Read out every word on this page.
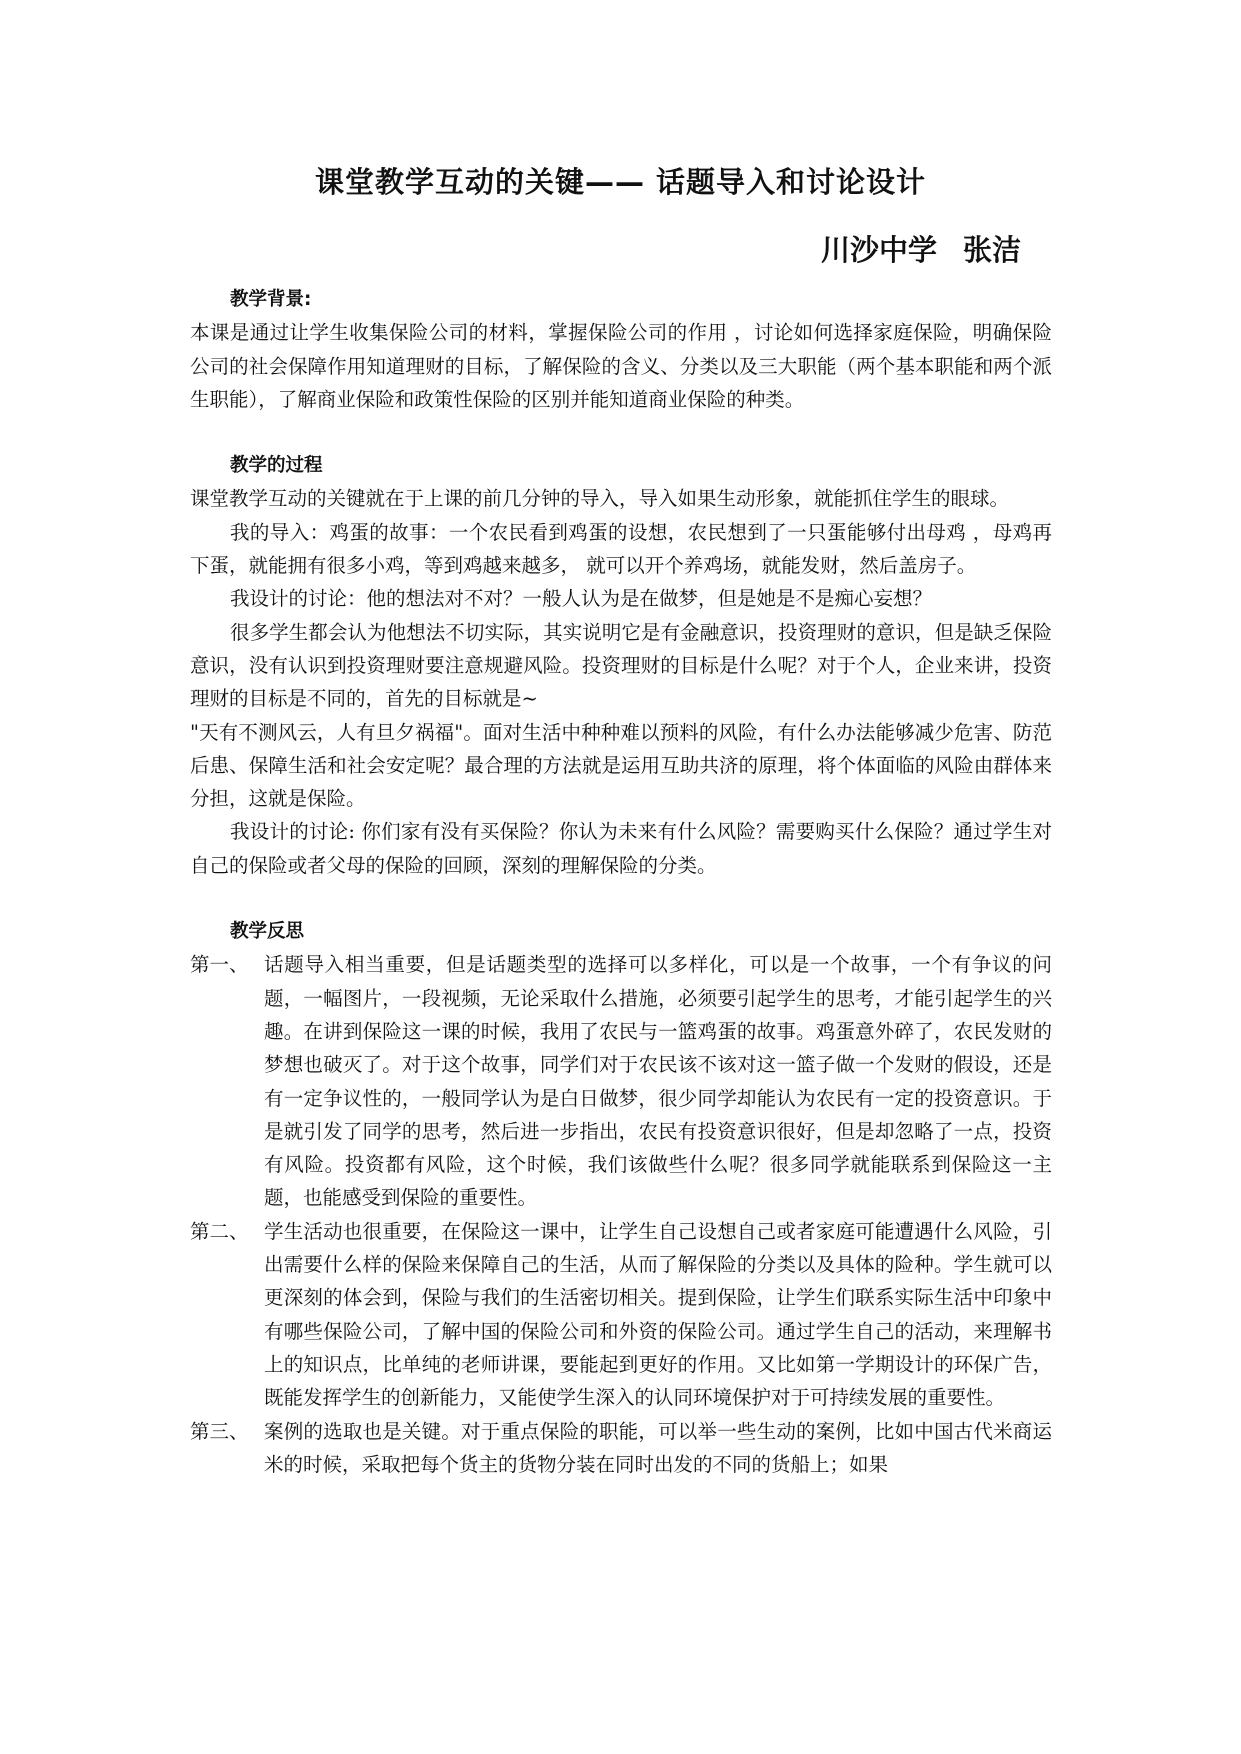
课堂教学互动的关键—— 话题导入和讨论设计
川沙中学 张洁

教学背景:

本课是通过让学生收集保险公司的材料，掌握保险公司的作用 ，讨论如何选择家庭保险，明确保险公司的社会保障作用知道理财的目标，了解保险的含义、分类以及三大职能（两个基本职能和两个派生职能），了解商业保险和政策性保险的区别并能知道商业保险的种类。

教学的过程

课堂教学互动的关键就在于上课的前几分钟的导入，导入如果生动形象，就能抓住学生的眼球。

我的导入：鸡蛋的故事：一个农民看到鸡蛋的设想，农民想到了一只蛋能够付出母鸡 ，母鸡再下蛋，就能拥有很多小鸡，等到鸡越来越多， 就可以开个养鸡场，就能发财，然后盖房子。

我设计的讨论：他的想法对不对？一般人认为是在做梦，但是她是不是痴心妄想？

很多学生都会认为他想法不切实际，其实说明它是有金融意识，投资理财的意识，但是缺乏保险意识，没有认识到投资理财要注意规避风险。投资理财的目标是什么呢？对于个人，企业来讲，投资理财的目标是不同的，首先的目标就是~

"天有不测风云，人有旦夕祸福"。面对生活中种种难以预料的风险，有什么办法能够减少危害、防范后患、保障生活和社会安定呢？最合理的方法就是运用互助共济的原理，将个体面临的风险由群体来分担，这就是保险。

我设计的讨论: 你们家有没有买保险？你认为未来有什么风险？需要购买什么保险？通过学生对自己的保险或者父母的保险的回顾，深刻的理解保险的分类。

教学反思

第一、 话题导入相当重要，但是话题类型的选择可以多样化，可以是一个故事，一个有争议的问题，一幅图片，一段视频，无论采取什么措施，必须要引起学生的思考，才能引起学生的兴趣。在讲到保险这一课的时候，我用了农民与一篮鸡蛋的故事。鸡蛋意外碎了，农民发财的梦想也破灭了。对于这个故事，同学们对于农民该不该对这一篮子做一个发财的假设，还是有一定争议性的，一般同学认为是白日做梦，很少同学却能认为农民有一定的投资意识。于是就引发了同学的思考，然后进一步指出，农民有投资意识很好，但是却忽略了一点，投资有风险。投资都有风险，这个时候，我们该做些什么呢？很多同学就能联系到保险这一主题，也能感受到保险的重要性。
第二、 学生活动也很重要，在保险这一课中，让学生自己设想自己或者家庭可能遭遇什么风险，引出需要什么样的保险来保障自己的生活，从而了解保险的分类以及具体的险种。学生就可以更深刻的体会到，保险与我们的生活密切相关。提到保险，让学生们联系实际生活中印象中有哪些保险公司，了解中国的保险公司和外资的保险公司。通过学生自己的活动，来理解书上的知识点，比单纯的老师讲课，要能起到更好的作用。又比如第一学期设计的环保广告，既能发挥学生的创新能力，又能使学生深入的认同环境保护对于可持续发展的重要性。
第三、 案例的选取也是关键。对于重点保险的职能，可以举一些生动的案例，比如中国古代米商运米的时候，采取把每个货主的货物分装在同时出发的不同的货船上；如果
